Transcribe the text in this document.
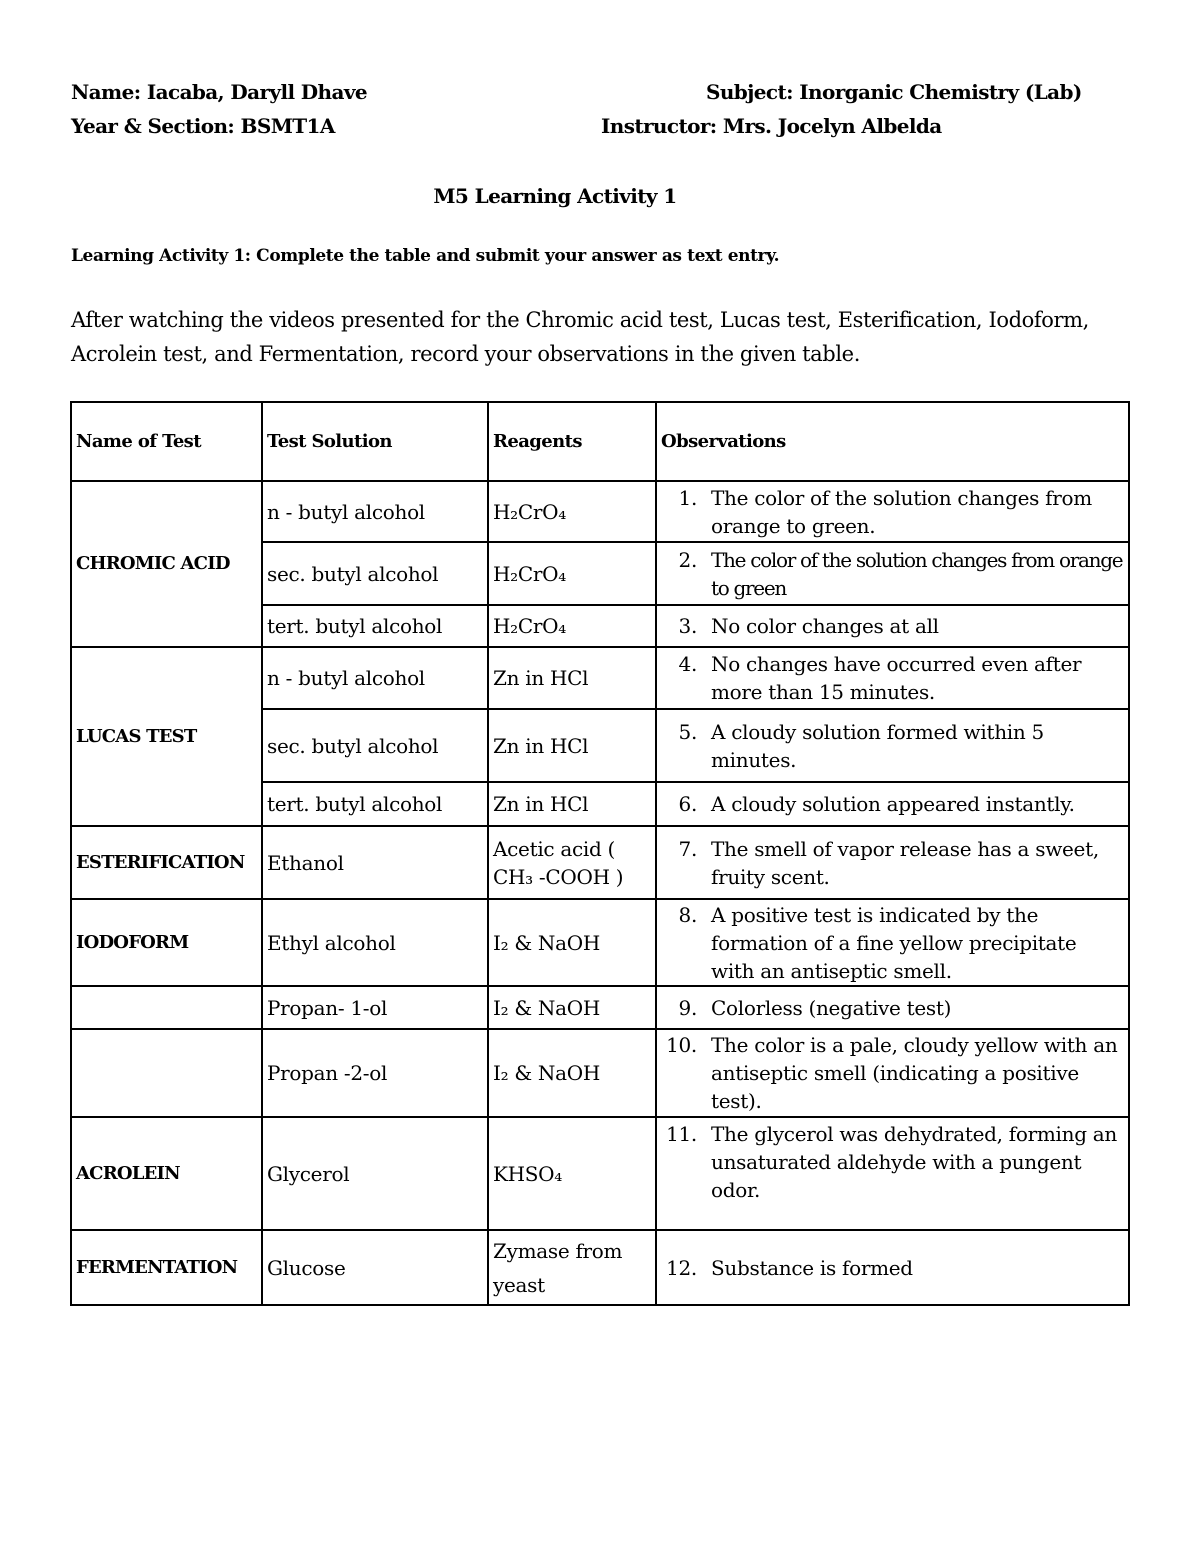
Name: Iacaba, Daryll Dhave	Subject: Inorganic Chemistry (Lab)
Year & Section: BSMT1A	Instructor: Mrs. Jocelyn Albelda
M5 Learning Activity 1
Learning Activity 1: Complete the table and submit your answer as text entry.
After watching the videos presented for the Chromic acid test, Lucas test, Esterification, Iodoform, Acrolein test, and Fermentation, record your observations in the given table.
Name of Test	Test Solution	Reagents	Observations
CHROMIC ACID	n - butyl alcohol	H₂CrO₄	1. The color of the solution changes from orange to green.

	sec. butyl alcohol	H₂CrO₄	2. The color of the solution changes from orange to green

	tert. butyl alcohol	H₂CrO₄	3. No color changes at all

LUCAS TEST	n - butyl alcohol	Zn in HCl	4. No changes have occurred even after more than 15 minutes.

	sec. butyl alcohol	Zn in HCl	5. A cloudy solution formed within 5 minutes.

	tert. butyl alcohol	Zn in HCl	6. A cloudy solution appeared instantly.

ESTERIFICATION	Ethanol	Acetic acid ( CH₃ -COOH )	7. The smell of vapor release has a sweet, fruity scent.

IODOFORM	Ethyl alcohol	I₂ & NaOH	8. A positive test is indicated by the formation of a fine yellow precipitate with an antiseptic smell.

	Propan- 1-ol	I₂ & NaOH	9. Colorless (negative test)

	Propan -2-ol	I₂ & NaOH	10. The color is a pale, cloudy yellow with an antiseptic smell (indicating a positive test).

ACROLEIN	Glycerol	KHSO₄	11. The glycerol was dehydrated, forming an unsaturated aldehyde with a pungent odor.

FERMENTATION	Glucose	Zymase from yeast	12. Substance is formed
